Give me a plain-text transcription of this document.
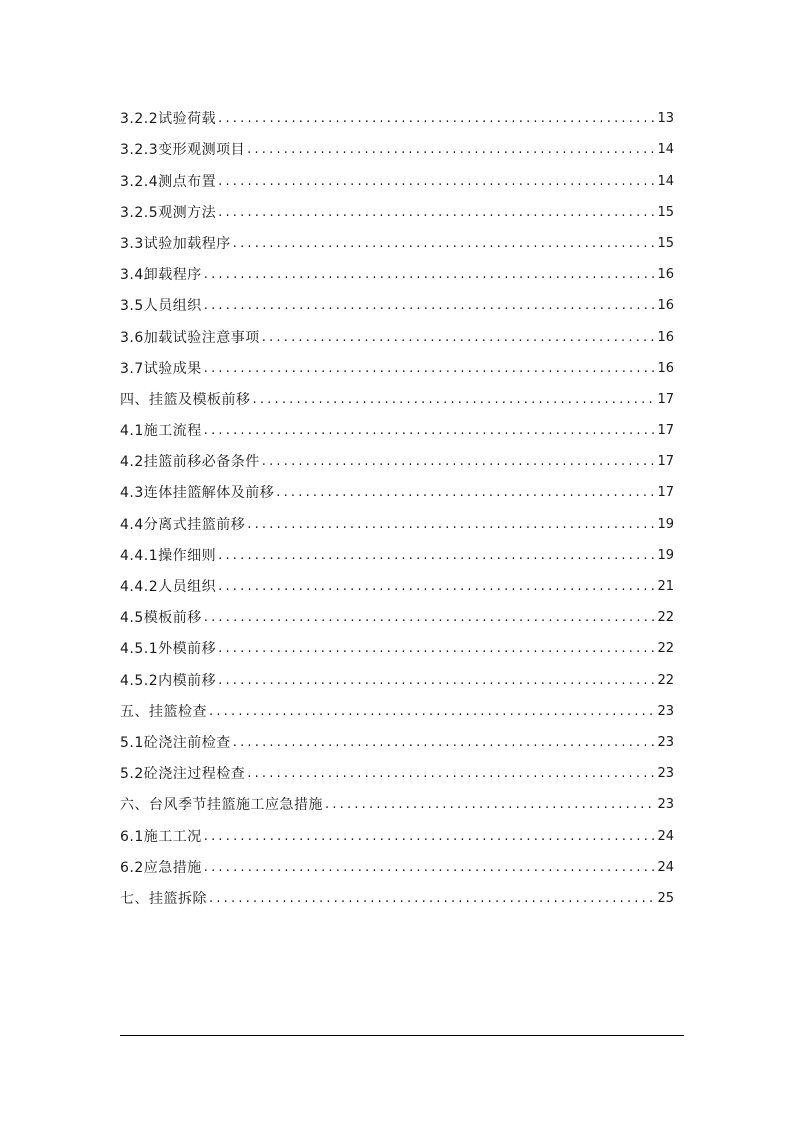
3.2.2试验荷载 .....	13
3.2.3变形观测项目 .....	14
3.2.4测点布置 .....	14
3.2.5观测方法 .....	15
3.3试验加载程序 .....	15
3.4卸载程序 .....	16
3.5人员组织 .....	16
3.6加载试验注意事项 .....	16
3.7试验成果 .....	16
四、挂篮及模板前移 .....	17
4.1施工流程 .....	17
4.2挂篮前移必备条件 .....	17
4.3连体挂篮解体及前移 .....	17
4.4分离式挂篮前移 .....	19
4.4.1操作细则 .....	19
4.4.2人员组织 .....	21
4.5模板前移 .....	22
4.5.1外模前移 .....	22
4.5.2内模前移 .....	22
五、挂篮检查 .....	23
5.1砼浇注前检查 .....	23
5.2砼浇注过程检查 .....	23
六、台风季节挂篮施工应急措施 .....	23
6.1施工工况 .....	24
6.2应急措施 .....	24
七、挂篮拆除 .....	25
